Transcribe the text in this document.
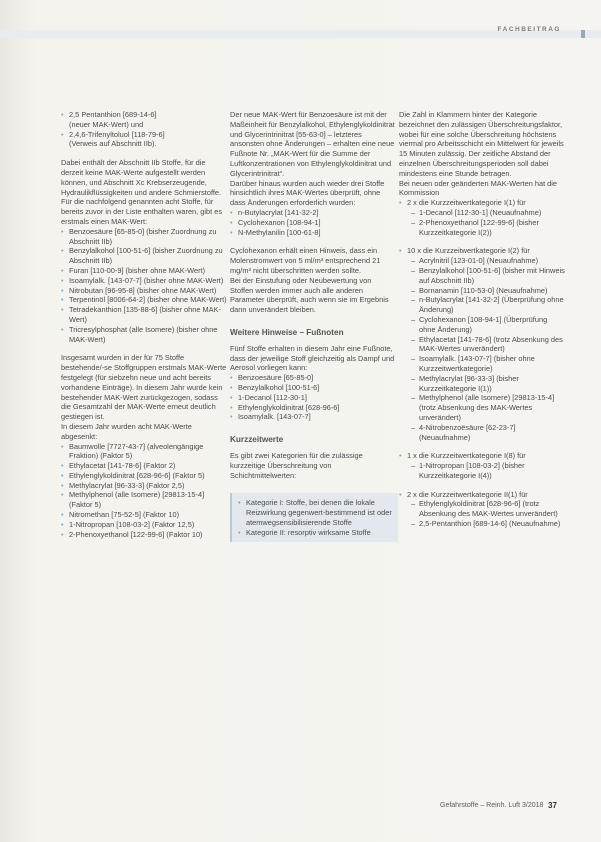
FACHBEITRAG
• 2,5 Pentanthion [689-14-6]
(neuer MAK-Wert) und
• 2,4,6-Trifenyltoluol [118-79-6]
(Verweis auf Abschnitt IIb).

Dabei enthält der Abschnitt IIb Stoffe, für die derzeit keine MAK-Werte aufgestellt werden können, und Abschnitt Xc Krebserzeugende, Hydraulikflüssigkeiten und andere Schmierstoffe.

Für die nachfolgend genannten acht Stoffe, für bereits zuvor in der Liste enthalten waren, gibt es erstmals einen MAK-Wert:

• Benzoesäure [65-85-0] (bisher Zuordnung zu Abschnitt IIb)
• Benzylalkohol [100-51-6] (bisher Zuordnung zu Abschnitt IIb)
• Furan [110-00-9] (bisher ohne MAK-Wert)
• Isoamylalk. [143-07-7] (bisher ohne MAK-Wert)
• Nitrobutan [96-95-8] (bisher ohne MAK-Wert)
• Terpentinöl [8006-64-2] (bisher ohne MAK-Wert)
• Tetradekanthion [135-88-6] (bisher ohne MAK-Wert)
• Tricresylphosphat (alle Isomere) (bisher ohne MAK-Wert)

Insgesamt wurden in der für 75 Stoffe bestehende/-se Stoffgruppen erstmals MAK-Werte festgelegt (für siebzehn neue und acht bereits vorhandene Einträge). In diesem Jahr wurde kein bestehender MAK-Wert zurückgezogen, sodass die Gesamtzahl der MAK-Werte erneut deutlich gestiegen ist.

In diesem Jahr wurden acht MAK-Werte abgesenkt:

• Baumwolle [7727-43-7] (alveolengängige Fraktion) (Faktor 5)
• Ethylacetat [141-78-6] (Faktor 2)
• Ethylenglykoldinitrat [628-96-6] (Faktor 5)
• Methylacrylat [96-33-3] (Faktor 2,5)
• Methylphenol (alle Isomere) [29813-15-4] (Faktor 5)
• Nitromethan [75-52-5] (Faktor 10)
• 1-Nitropropan [108-03-2] (Faktor 12,5)
• 2-Phenoxyethanol [122-99-6] (Faktor 10)

Der neue MAK-Wert für Benzoesäure ist mit der Maßeinheit für Benzylalkohol, Ethylenglykoldinitrat und Glycerintrinitrat [55-63-0] – letzteres ansonsten ohne Änderungen – erhalten eine neue Fußnote Nr. „MAK-Wert für die Summe der Luftkonzentrationen von Ethylenglykoldinitrat und Glycerintrinitrat“.

Darüber hinaus wurden auch wieder drei Stoffe hinsichtlich ihres MAK-Wertes überprüft, ohne dass Änderungen erforderlich wurden:

• n-Butylacrylat [141-32-2]
• Cyclohexanon [108-94-1]
• N-Methylanilin [100-61-8]

Cyclohexanon erhält einen Hinweis, dass ein Molenstromwert von 5 ml/m³ entsprechend 21 mg/m³ nicht überschritten werden sollte.

Bei der Einstufung oder Neubewertung von Stoffen werden immer auch alle anderen Parameter überprüft, auch wenn sie im Ergebnis dann unverändert bleiben.

Weitere Hinweise – Fußnoten

Fünf Stoffe erhalten in diesem Jahr eine Fußnote, dass der jeweilige Stoff gleichzeitig als Dampf und Aerosol vorliegen kann:

• Benzoesäure [65-85-0]
• Benzylalkohol [100-51-6]
• 1-Decanol [112-30-1]
• Ethylenglykoldinitrat [628-96-6]
• Isoamylalk. [143-07-7]
Kurzzeitwerte

Es gibt zwei Kategorien für die zulässige kurzzeitige Überschreitung von Schichtmittelwerten:

• Kategorie I: Stoffe, bei denen die lokale Reizwirkung gegenwert-bestimmend ist oder atemwegsensibilisierende Stoffe
• Kategorie II: resorptiv wirksame Stoffe

Die Zahl in Klammern hinter der Kategorie bezeichnet den zulässigen Überschreitungsfaktor, wobei für eine solche Überschreitung höchstens viermal pro Arbeitsschicht ein Mittelwert für jeweils 15 Minuten zulässig. Der zeitliche Abstand der einzelnen Überschreitungsperioden soll dabei mindestens eine Stunde betragen.

Bei neuen oder geänderten MAK-Werten hat die Kommission

• 2 x die Kurzzeitwertkategorie I(1) für
– 1-Decanol [112-30-1] (Neuaufnahme)
– 2-Phenoxyethanol [122-99-6] (bisher Kurzzeitkategorie I(2))
• 10 x die Kurzzeitwertkategorie I(2) für
– Acrylnitril [123-01-0] (Neuaufnahme)
– Benzylalkohol [100-51-6] (bisher mit Hinweis auf Abschnitt IIb)
– Bornanamin [110-53-0] (Neuaufnahme)
– n-Butylacrylat [141-32-2] (Überprüfung ohne Änderung)
– Cyclohexanon [108-94-1] (Überprüfung ohne Änderung)
– Ethylacetat [141-78-6] (trotz Absenkung des MAK-Wertes unverändert)
– Isoamylalk. [143-07-7] (bisher ohne Kurzzeitwertkategorie)
– Methylacrylat [96-33-3] (bisher Kurzzeitkategorie I(1))
– Methylphenol (alle Isomere) [29813-15-4] (trotz Absenkung des MAK-Wertes unverändert)
– 4-Nitrobenzoësäure [62-23-7] (Neuaufnahme)
• 1 x die Kurzzeitwertkategorie I(8) für
– 1-Nitropropan [108-03-2] (bisher Kurzzeitkategorie I(4))
• 2 x die Kurzzeitwertkategorie II(1) für
– Ethylenglykoldinitrat [628-96-6] (trotz Absenkung des MAK-Wertes unverändert)
– 2,5-Pentanthion [689-14-6] (Neuaufnahme)
Gefahrstoffe – Reinh. Luft 3/2018 37
